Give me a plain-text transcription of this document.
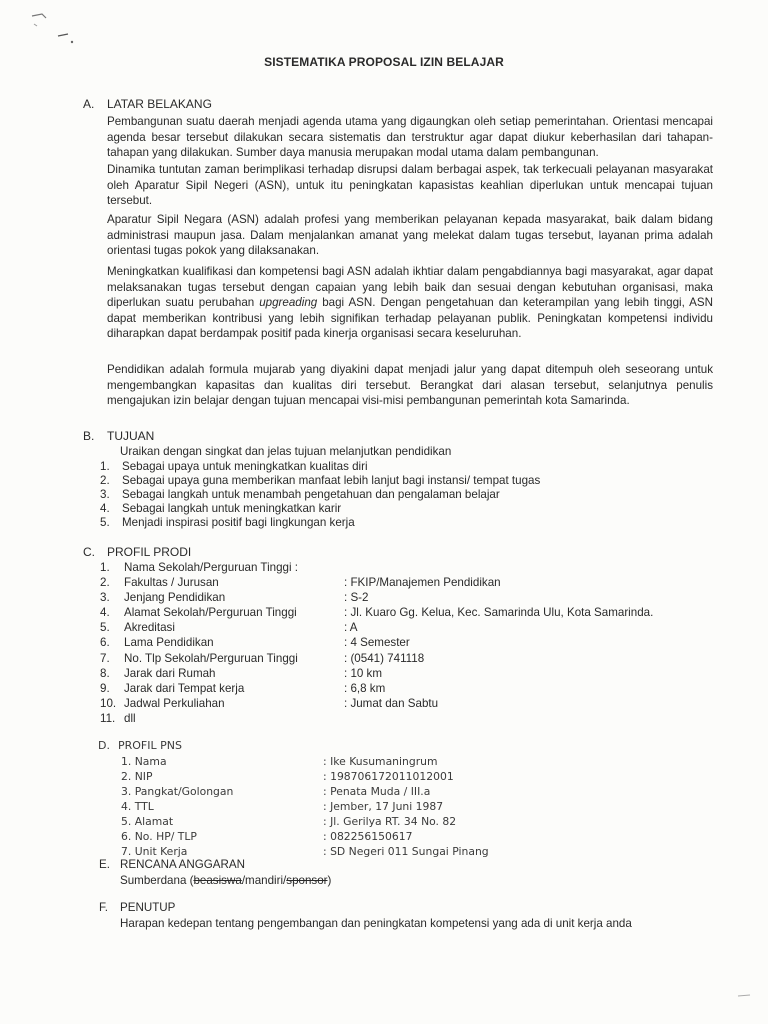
SISTEMATIKA PROPOSAL IZIN BELAJAR
A. LATAR BELAKANG

Pembangunan suatu daerah menjadi agenda utama yang digaungkan oleh setiap pemerintahan. Orientasi mencapai agenda besar tersebut dilakukan secara sistematis dan terstruktur agar dapat diukur keberhasilan dari tahapan-tahapan yang dilakukan. Sumber daya manusia merupakan modal utama dalam pembangunan.

Dinamika tuntutan zaman berimplikasi terhadap disrupsi dalam berbagai aspek, tak terkecuali pelayanan masyarakat oleh Aparatur Sipil Negeri (ASN), untuk itu peningkatan kapasistas keahlian diperlukan untuk mencapai tujuan tersebut.

Aparatur Sipil Negara (ASN) adalah profesi yang memberikan pelayanan kepada masyarakat, baik dalam bidang administrasi maupun jasa. Dalam menjalankan amanat yang melekat dalam tugas tersebut, layanan prima adalah orientasi tugas pokok yang dilaksanakan.

Meningkatkan kualifikasi dan kompetensi bagi ASN adalah ikhtiar dalam pengabdiannya bagi masyarakat, agar dapat melaksanakan tugas tersebut dengan capaian yang lebih baik dan sesuai dengan kebutuhan organisasi, maka diperlukan suatu perubahan upgreading bagi ASN. Dengan pengetahuan dan keterampilan yang lebih tinggi, ASN dapat memberikan kontribusi yang lebih signifikan terhadap pelayanan publik. Peningkatan kompetensi individu diharapkan dapat berdampak positif pada kinerja organisasi secara keseluruhan.

Pendidikan adalah formula mujarab yang diyakini dapat menjadi jalur yang dapat ditempuh oleh seseorang untuk mengembangkan kapasitas dan kualitas diri tersebut. Berangkat dari alasan tersebut, selanjutnya penulis mengajukan izin belajar dengan tujuan mencapai visi-misi pembangunan pemerintah kota Samarinda.

B. TUJUAN

Uraikan dengan singkat dan jelas tujuan melanjutkan pendidikan

1. Sebagai upaya untuk meningkatkan kualitas diri
2. Sebagai upaya guna memberikan manfaat lebih lanjut bagi instansi/ tempat tugas
3. Sebagai langkah untuk menambah pengetahuan dan pengalaman belajar
4. Sebagai langkah untuk meningkatkan karir
5. Menjadi inspirasi positif bagi lingkungan kerja
C. PROFIL PRODI
1. Nama Sekolah/Perguruan Tinggi :
2. Fakultas / Jurusan	: FKIP/Manajemen Pendidikan
3. Jenjang Pendidikan	: S-2
4. Alamat Sekolah/Perguruan Tinggi	: Jl. Kuaro Gg. Kelua, Kec. Samarinda Ulu, Kota Samarinda.
5. Akreditasi	: A
6. Lama Pendidikan	: 4 Semester
7. No. Tlp Sekolah/Perguruan Tinggi	: (0541) 741118
8. Jarak dari Rumah	: 10 km
9. Jarak dari Tempat kerja	: 6,8 km
10. Jadwal Perkuliahan	: Jumat dan Sabtu
11. dll
D. PROFIL PNS
1. Nama	: Ike Kusumaningrum
2. NIP	: 198706172011012001
3. Pangkat/Golongan	: Penata Muda / III.a
4. TTL	: Jember, 17 Juni 1987
5. Alamat	: Jl. Gerilya RT. 34 No. 82
6. No. HP/ TLP	: 082256150617
7. Unit Kerja	: SD Negeri 011 Sungai Pinang
E. RENCANA ANGGARAN

Sumberdana (beasiswa/mandiri/sponsor)

F. PENUTUP

Harapan kedepan tentang pengembangan dan peningkatan kompetensi yang ada di unit kerja anda
